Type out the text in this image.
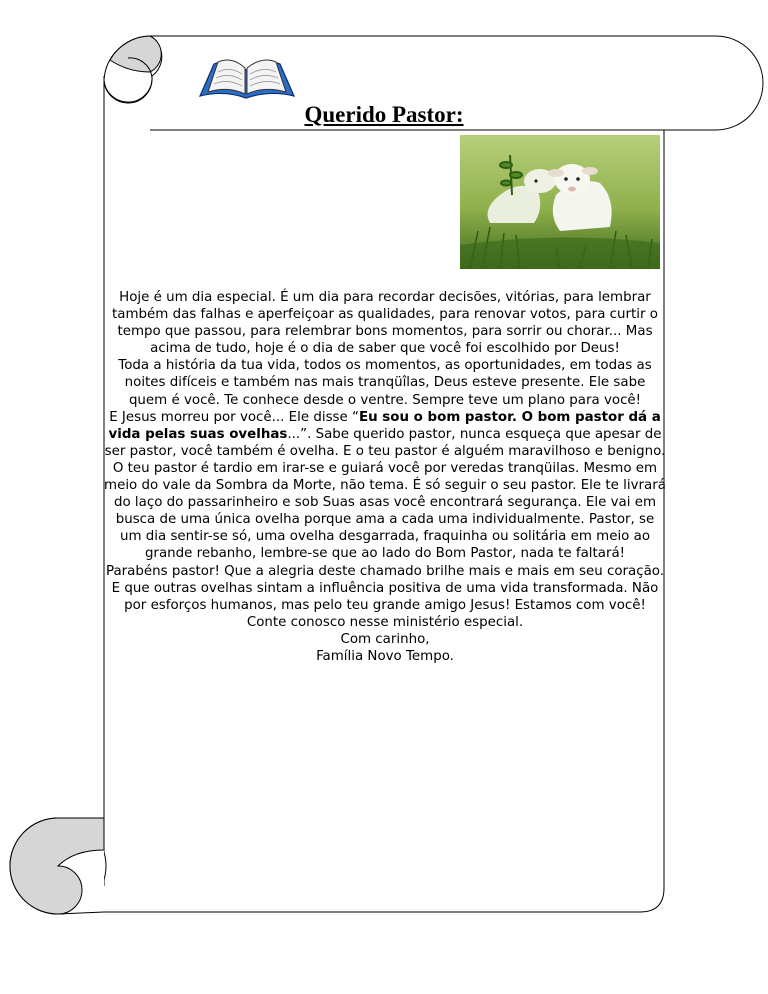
Querido Pastor:

Hoje é um dia especial. É um dia para recordar decisões, vitórias, para lembrar também das falhas e aperfeiçoar as qualidades, para renovar votos, para curtir o tempo que passou, para relembrar bons momentos, para sorrir ou chorar... Mas acima de tudo, hoje é o dia de saber que você foi escolhido por Deus!

Toda a história da tua vida, todos os momentos, as oportunidades, em todas as noites difíceis e também nas mais tranqüîlas, Deus esteve presente. Ele sabe quem é você. Te conhece desde o ventre. Sempre teve um plano para você!

E Jesus morreu por você... Ele disse “Eu sou o bom pastor. O bom pastor dá a vida pelas suas ovelhas...”. Sabe querido pastor, nunca esqueça que apesar de ser pastor, você também é ovelha. E o teu pastor é alguém maravilhoso e benigno. O teu pastor é tardio em irar-se e guiará você por veredas tranqüilas. Mesmo em meio do vale da Sombra da Morte, não tema. É só seguir o seu pastor. Ele te livrará do laço do passarinheiro e sob Suas asas você encontrará segurança. Ele vai em busca de uma única ovelha porque ama a cada uma individualmente. Pastor, se um dia sentir-se só, uma ovelha desgarrada, fraquinha ou solitária em meio ao grande rebanho, lembre-se que ao lado do Bom Pastor, nada te faltará!

Parabéns pastor! Que a alegria deste chamado brilhe mais e mais em seu coração. E que outras ovelhas sintam a influência positiva de uma vida transformada. Não por esforços humanos, mas pelo teu grande amigo Jesus! Estamos com você! Conte conosco nesse ministério especial.

Com carinho,

Família Novo Tempo.
